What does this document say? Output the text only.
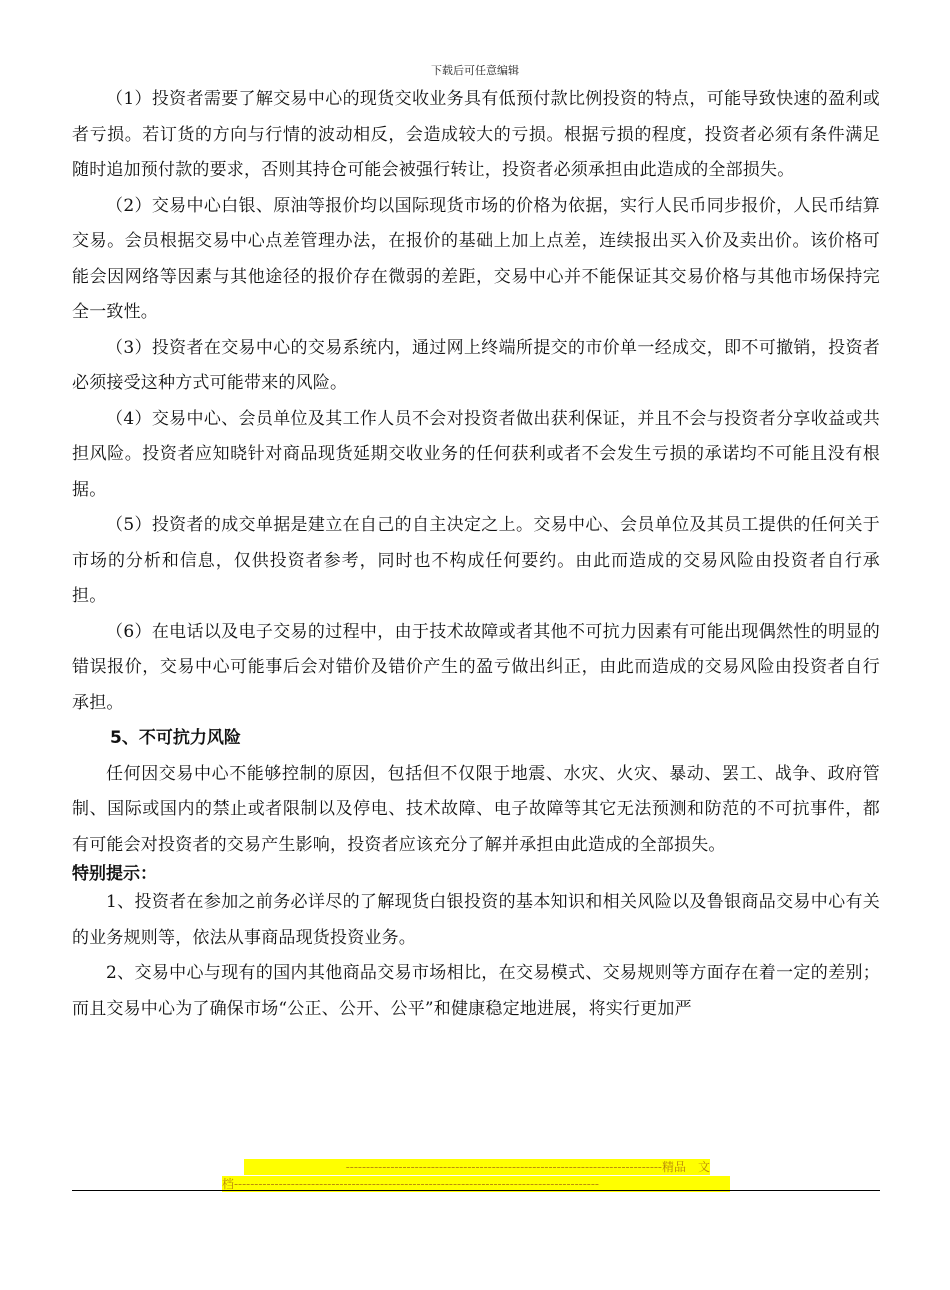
下载后可任意编辑

（1）投资者需要了解交易中心的现货交收业务具有低预付款比例投资的特点，可能导致快速的盈利或者亏损。若订货的方向与行情的波动相反，会造成较大的亏损。根据亏损的程度，投资者必须有条件满足随时追加预付款的要求，否则其持仓可能会被强行转让，投资者必须承担由此造成的全部损失。

（2）交易中心白银、原油等报价均以国际现货市场的价格为依据，实行人民币同步报价，人民币结算交易。会员根据交易中心点差管理办法，在报价的基础上加上点差，连续报出买入价及卖出价。该价格可能会因网络等因素与其他途径的报价存在微弱的差距，交易中心并不能保证其交易价格与其他市场保持完全一致性。

（3）投资者在交易中心的交易系统内，通过网上终端所提交的市价单一经成交，即不可撤销，投资者必须接受这种方式可能带来的风险。

（4）交易中心、会员单位及其工作人员不会对投资者做出获利保证，并且不会与投资者分享收益或共担风险。投资者应知晓针对商品现货延期交收业务的任何获利或者不会发生亏损的承诺均不可能且没有根据。

（5）投资者的成交单据是建立在自己的自主决定之上。交易中心、会员单位及其员工提供的任何关于市场的分析和信息，仅供投资者参考，同时也不构成任何要约。由此而造成的交易风险由投资者自行承担。

（6）在电话以及电子交易的过程中，由于技术故障或者其他不可抗力因素有可能出现偶然性的明显的错误报价，交易中心可能事后会对错价及错价产生的盈亏做出纠正，由此而造成的交易风险由投资者自行承担。

5、不可抗力风险

任何因交易中心不能够控制的原因，包括但不仅限于地震、水灾、火灾、暴动、罢工、战争、政府管制、国际或国内的禁止或者限制以及停电、技术故障、电子故障等其它无法预测和防范的不可抗事件，都有可能会对投资者的交易产生影响，投资者应该充分了解并承担由此造成的全部损失。

特别提示：

1、投资者在参加之前务必详尽的了解现货白银投资的基本知识和相关风险以及鲁银商品交易中心有关的业务规则等，依法从事商品现货投资业务。

2、交易中心与现有的国内其他商品交易市场相比，在交易模式、交易规则等方面存在着一定的差别；而且交易中心为了确保市场“公正、公开、公平”和健康稳定地进展，将实行更加严

------------------------------------------------------------------------------精品　文
档------------------------------------------------------------------------------------------
